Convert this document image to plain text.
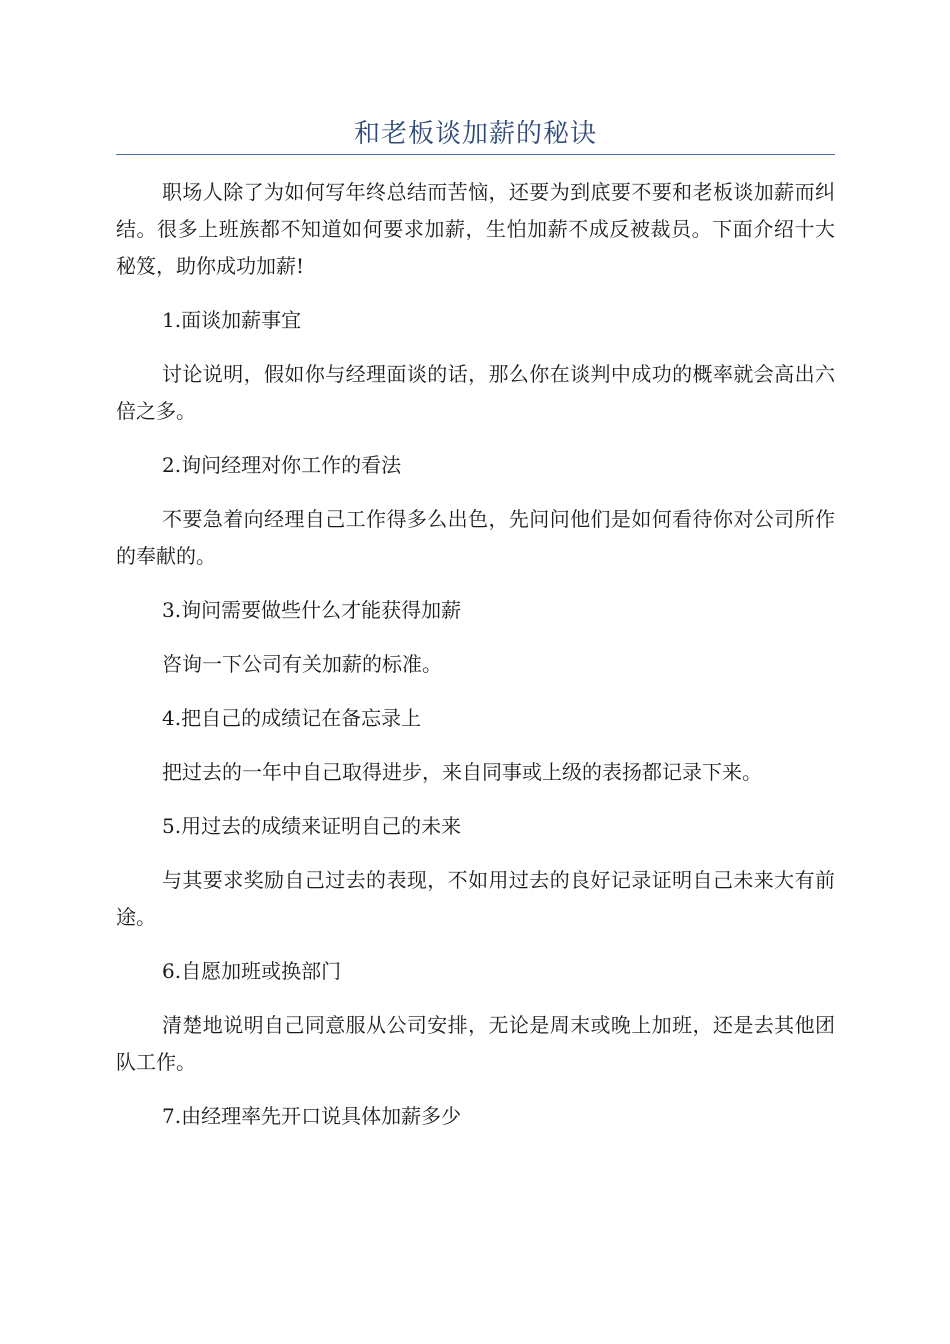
和老板谈加薪的秘诀

职场人除了为如何写年终总结而苦恼，还要为到底要不要和老板谈加薪而纠结。很多上班族都不知道如何要求加薪，生怕加薪不成反被裁员。下面介绍十大秘笈，助你成功加薪!

1.面谈加薪事宜

讨论说明，假如你与经理面谈的话，那么你在谈判中成功的概率就会高出六倍之多。

2.询问经理对你工作的看法

不要急着向经理自己工作得多么出色，先问问他们是如何看待你对公司所作的奉献的。

3.询问需要做些什么才能获得加薪

咨询一下公司有关加薪的标准。

4.把自己的成绩记在备忘录上

把过去的一年中自己取得进步，来自同事或上级的表扬都记录下来。

5.用过去的成绩来证明自己的未来

与其要求奖励自己过去的表现，不如用过去的良好记录证明自己未来大有前途。

6.自愿加班或换部门

清楚地说明自己同意服从公司安排，无论是周末或晚上加班，还是去其他团队工作。

7.由经理率先开口说具体加薪多少
